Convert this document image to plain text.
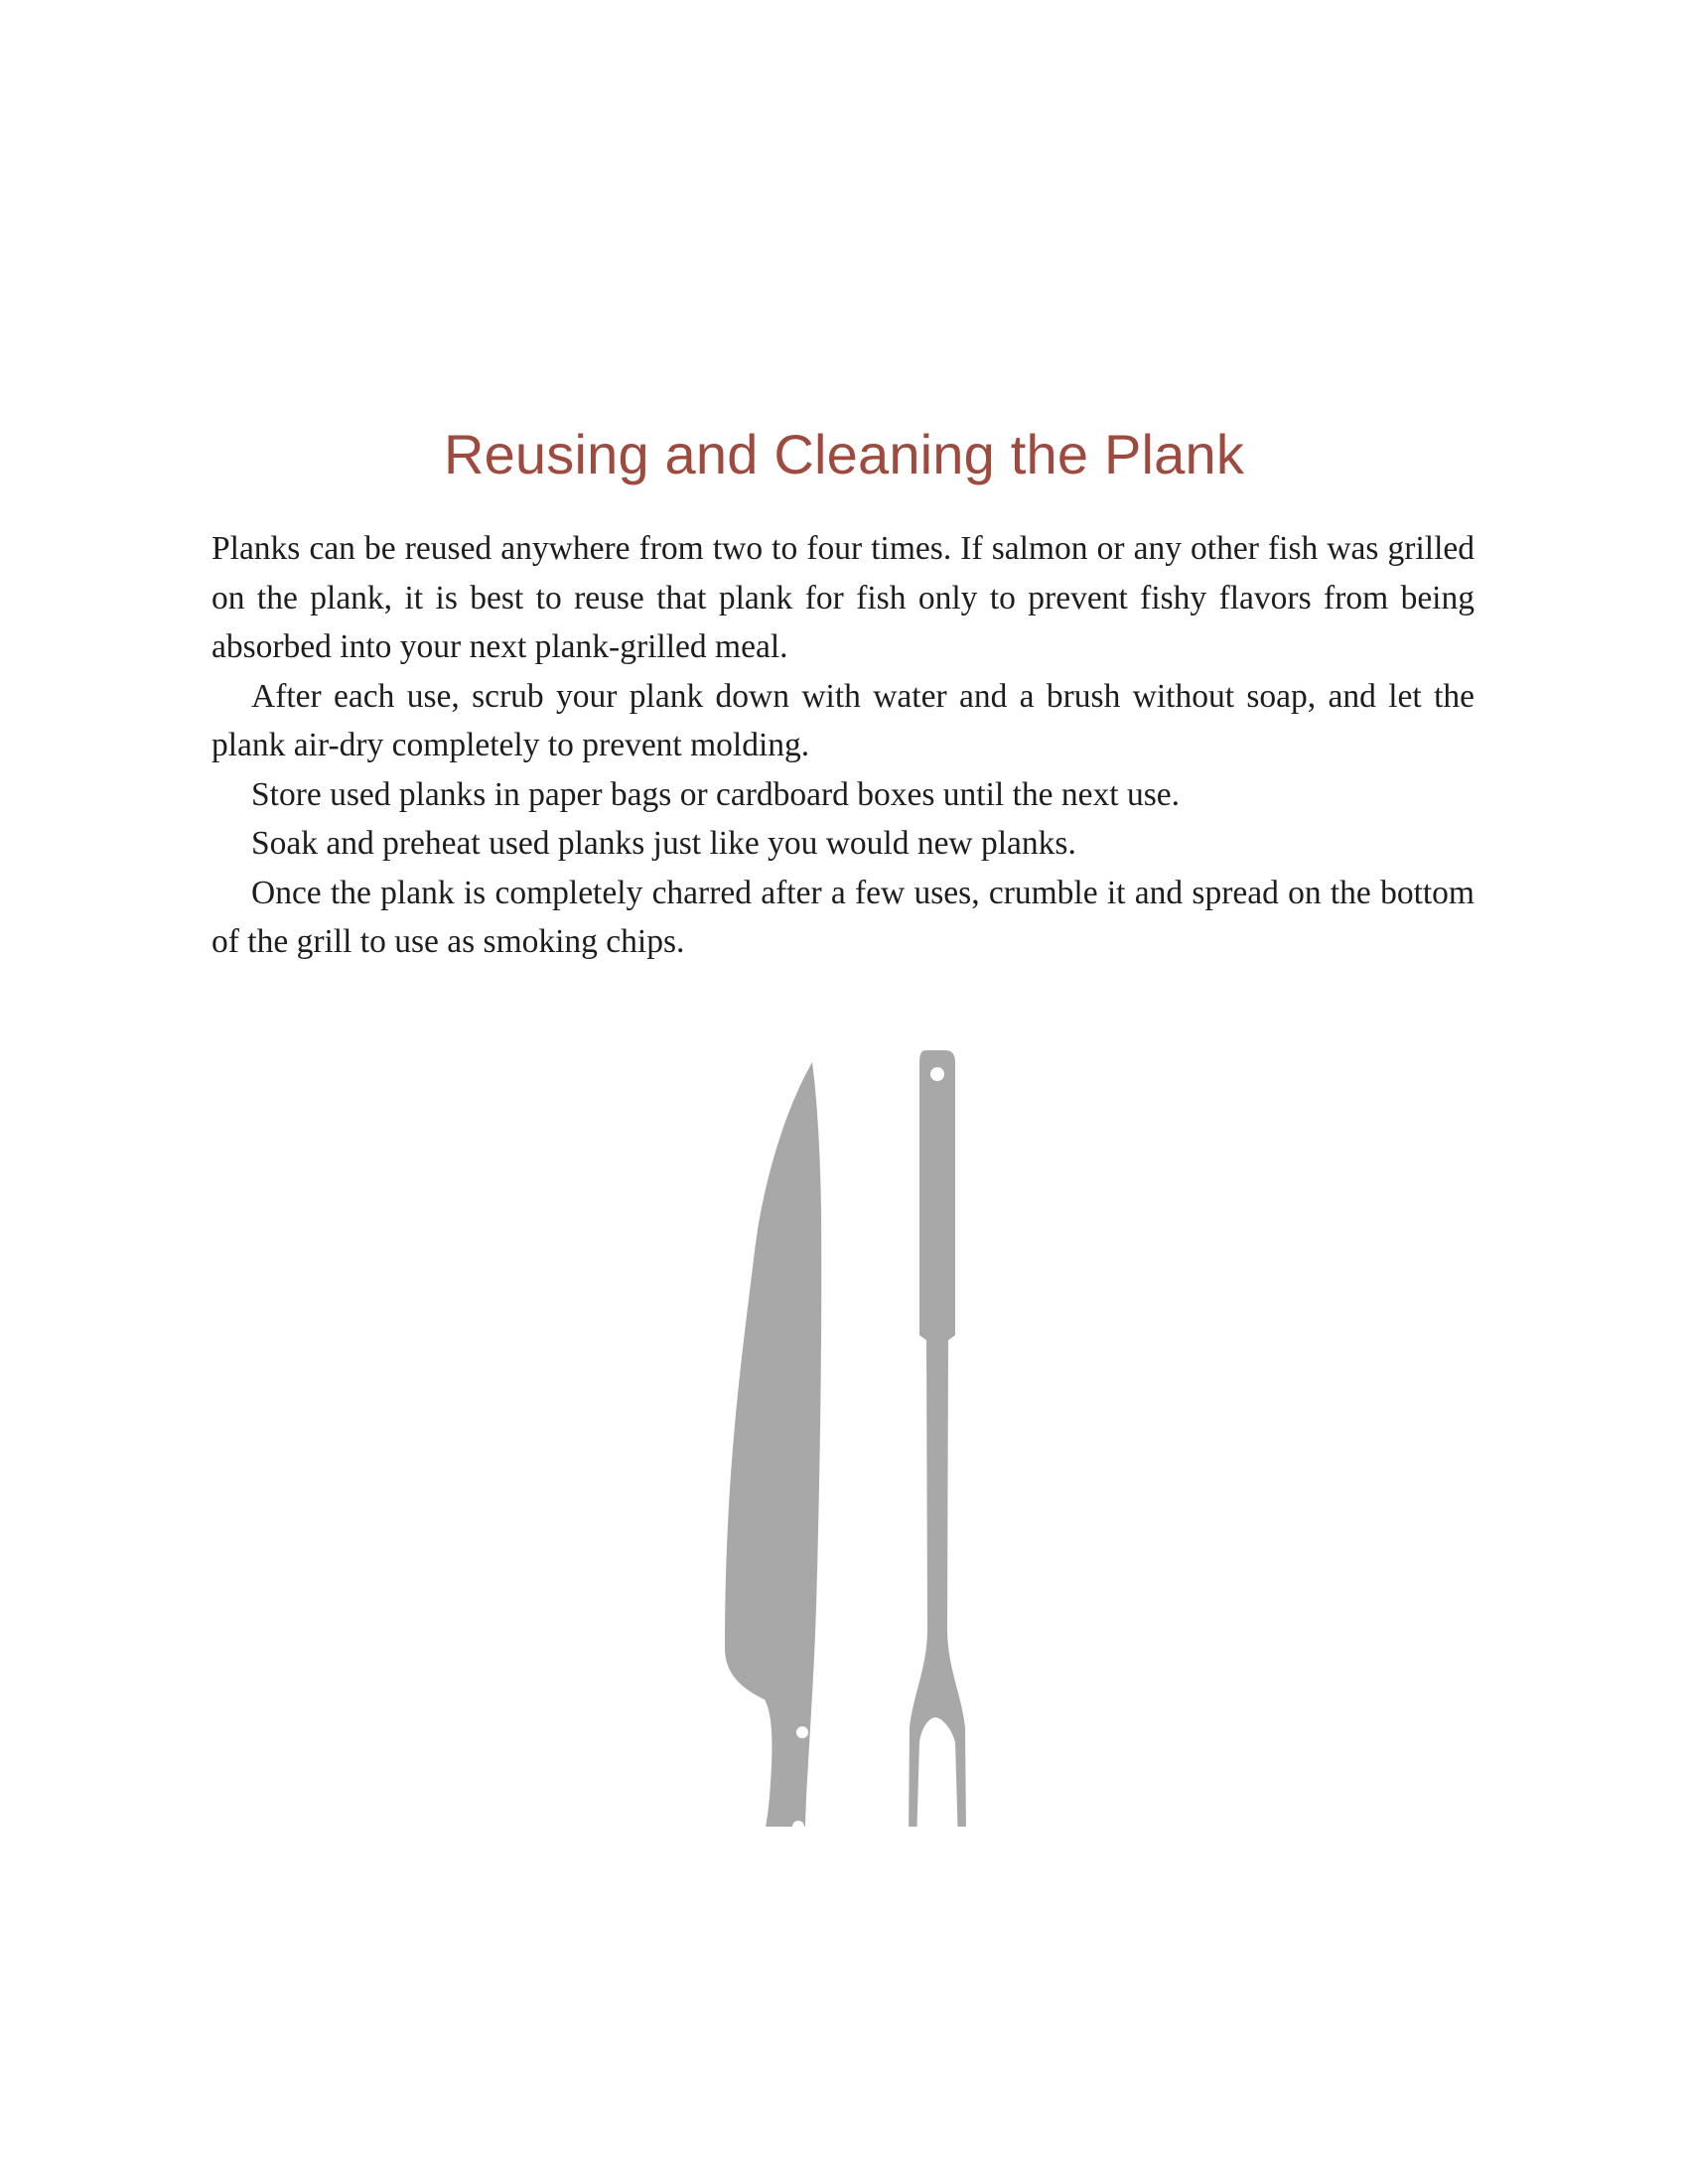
Reusing and Cleaning the Plank

Planks can be reused anywhere from two to four times. If salmon or any other fish was grilled on the plank, it is best to reuse that plank for fish only to prevent fishy flavors from being absorbed into your next plank-grilled meal.

After each use, scrub your plank down with water and a brush without soap, and let the plank air-dry completely to prevent molding.

Store used planks in paper bags or cardboard boxes until the next use.

Soak and preheat used planks just like you would new planks.

Once the plank is completely charred after a few uses, crumble it and spread on the bottom of the grill to use as smoking chips.
